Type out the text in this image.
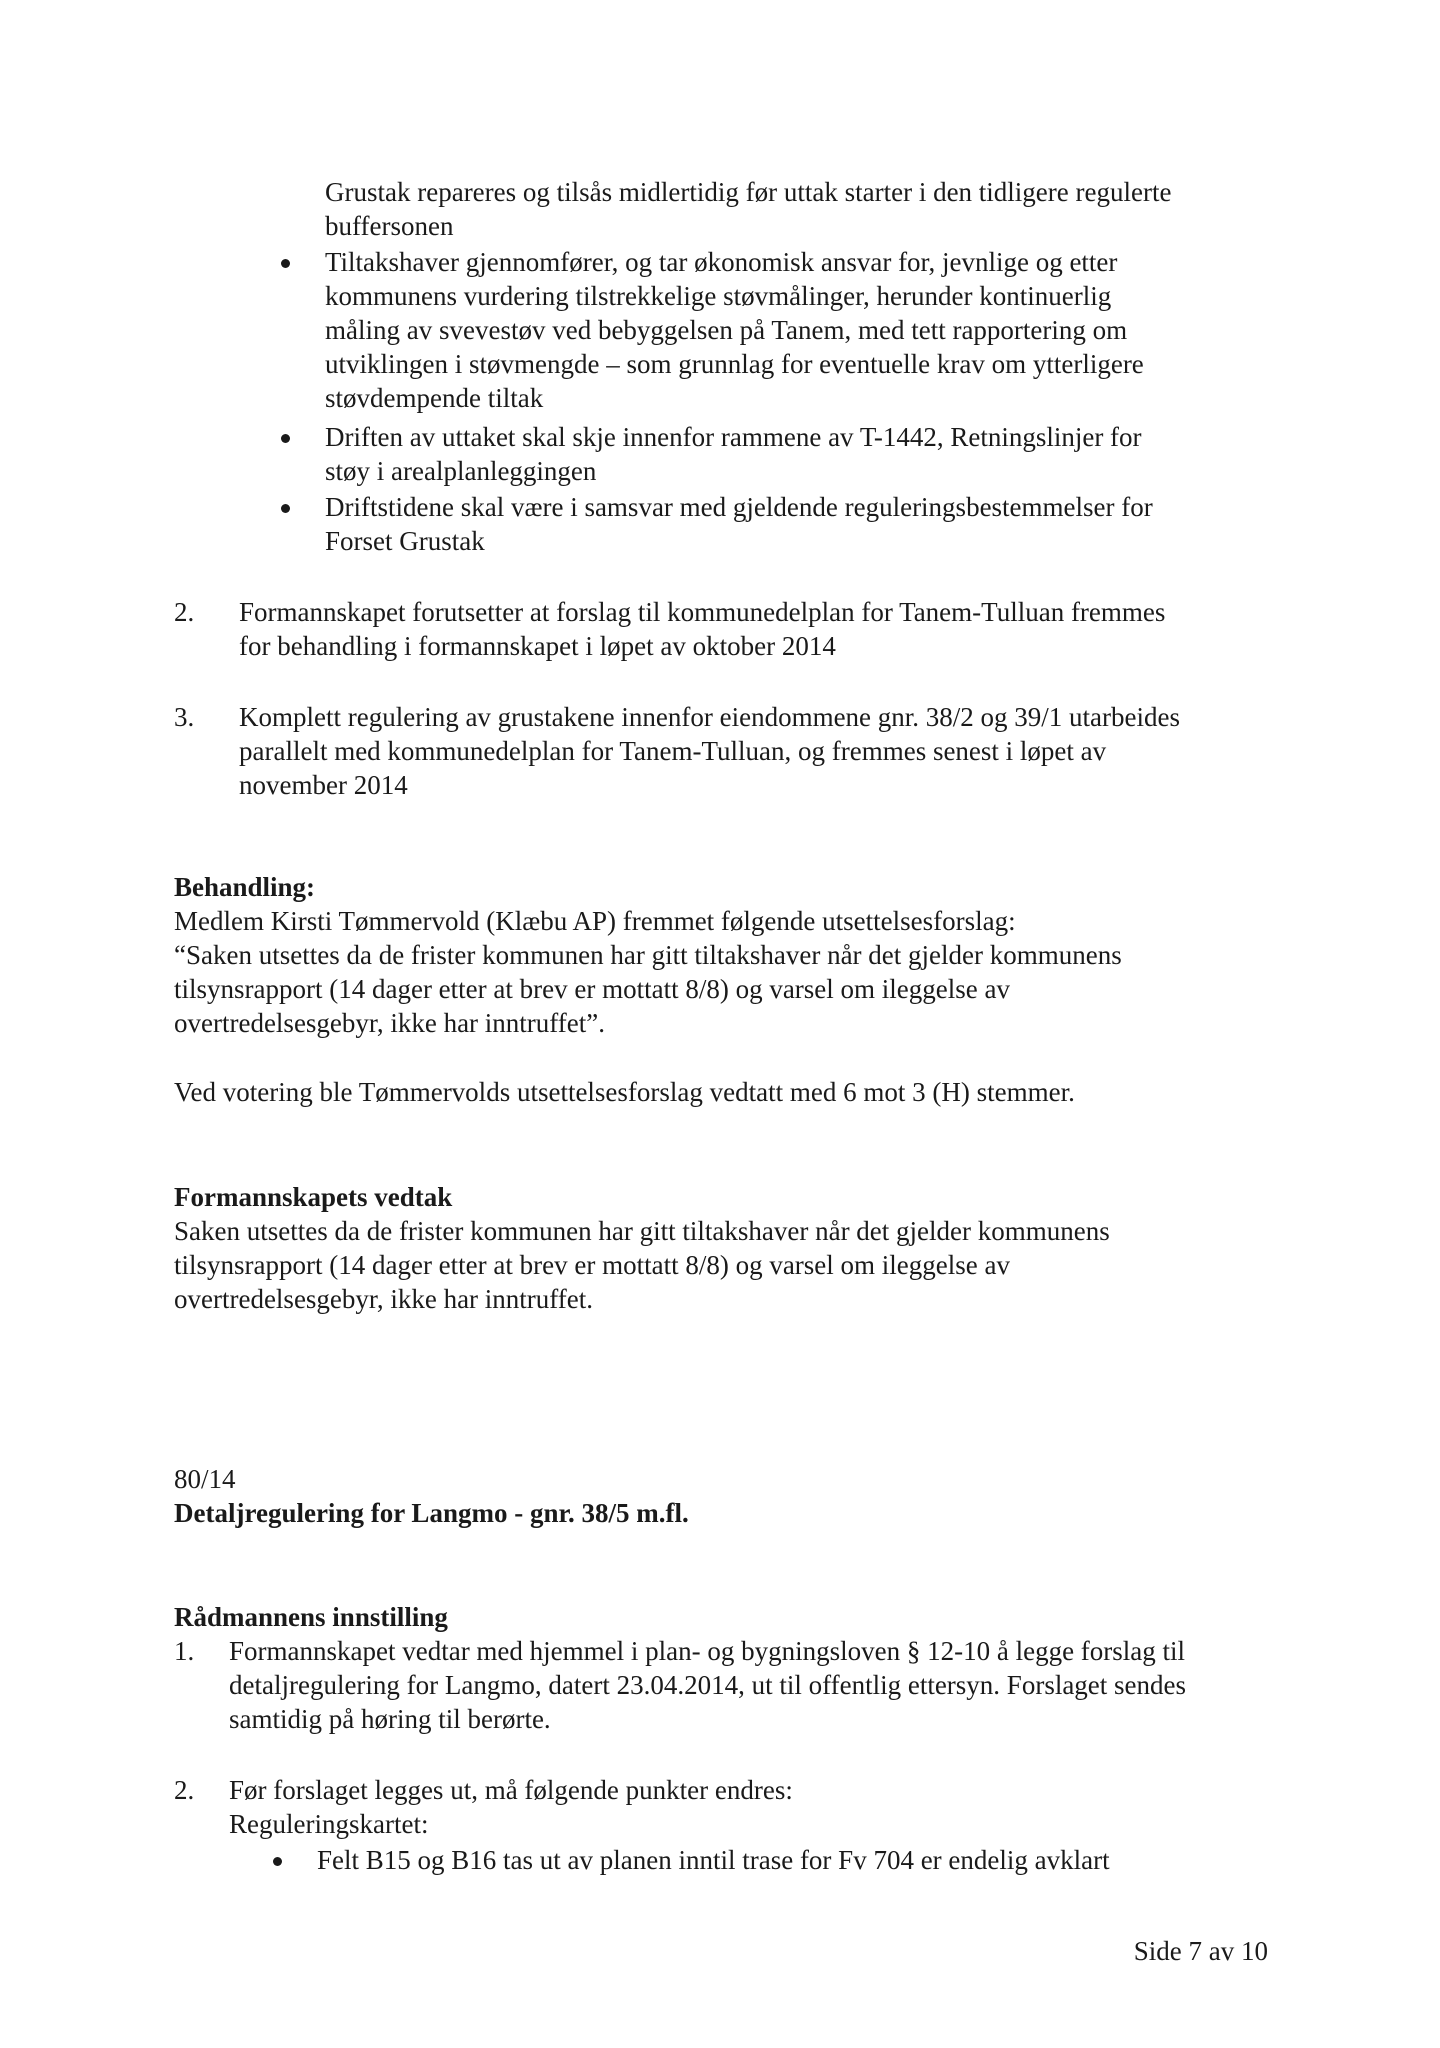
Grustak repareres og tilsås midlertidig før uttak starter i den tidligere regulerte
buffersonen
Tiltakshaver gjennomfører, og tar økonomisk ansvar for, jevnlige og etter
kommunens vurdering tilstrekkelige støvmålinger, herunder kontinuerlig
måling av svevestøv ved bebyggelsen på Tanem, med tett rapportering om
utviklingen i støvmengde – som grunnlag for eventuelle krav om ytterligere
støvdempende tiltak
Driften av uttaket skal skje innenfor rammene av T-1442, Retningslinjer for
støy i arealplanleggingen
Driftstidene skal være i samsvar med gjeldende reguleringsbestemmelser for
Forset Grustak
Formannskapet forutsetter at forslag til kommunedelplan for Tanem-Tulluan fremmes
for behandling i formannskapet i løpet av oktober 2014
2.
Komplett regulering av grustakene innenfor eiendommene gnr. 38/2 og 39/1 utarbeides
parallelt med kommunedelplan for Tanem-Tulluan, og fremmes senest i løpet av
november 2014
3.
Behandling:
Medlem Kirsti Tømmervold (Klæbu AP) fremmet følgende utsettelsesforslag:
“Saken utsettes da de frister kommunen har gitt tiltakshaver når det gjelder kommunens
tilsynsrapport (14 dager etter at brev er mottatt 8/8) og varsel om ileggelse av
overtredelsesgebyr, ikke har inntruffet”.
Ved votering ble Tømmervolds utsettelsesforslag vedtatt med 6 mot 3 (H) stemmer.
Formannskapets vedtak
Saken utsettes da de frister kommunen har gitt tiltakshaver når det gjelder kommunens
tilsynsrapport (14 dager etter at brev er mottatt 8/8) og varsel om ileggelse av
overtredelsesgebyr, ikke har inntruffet.
80/14
Detaljregulering for Langmo - gnr. 38/5 m.fl.
Rådmannens innstilling
1. Formannskapet vedtar med hjemmel i plan- og bygningsloven § 12-10 å legge forslag til
detaljregulering for Langmo, datert 23.04.2014, ut til offentlig ettersyn. Forslaget sendes
samtidig på høring til berørte.
2. Før forslaget legges ut, må følgende punkter endres:
Reguleringskartet:
Felt B15 og B16 tas ut av planen inntil trase for Fv 704 er endelig avklart
Side 7 av 10
